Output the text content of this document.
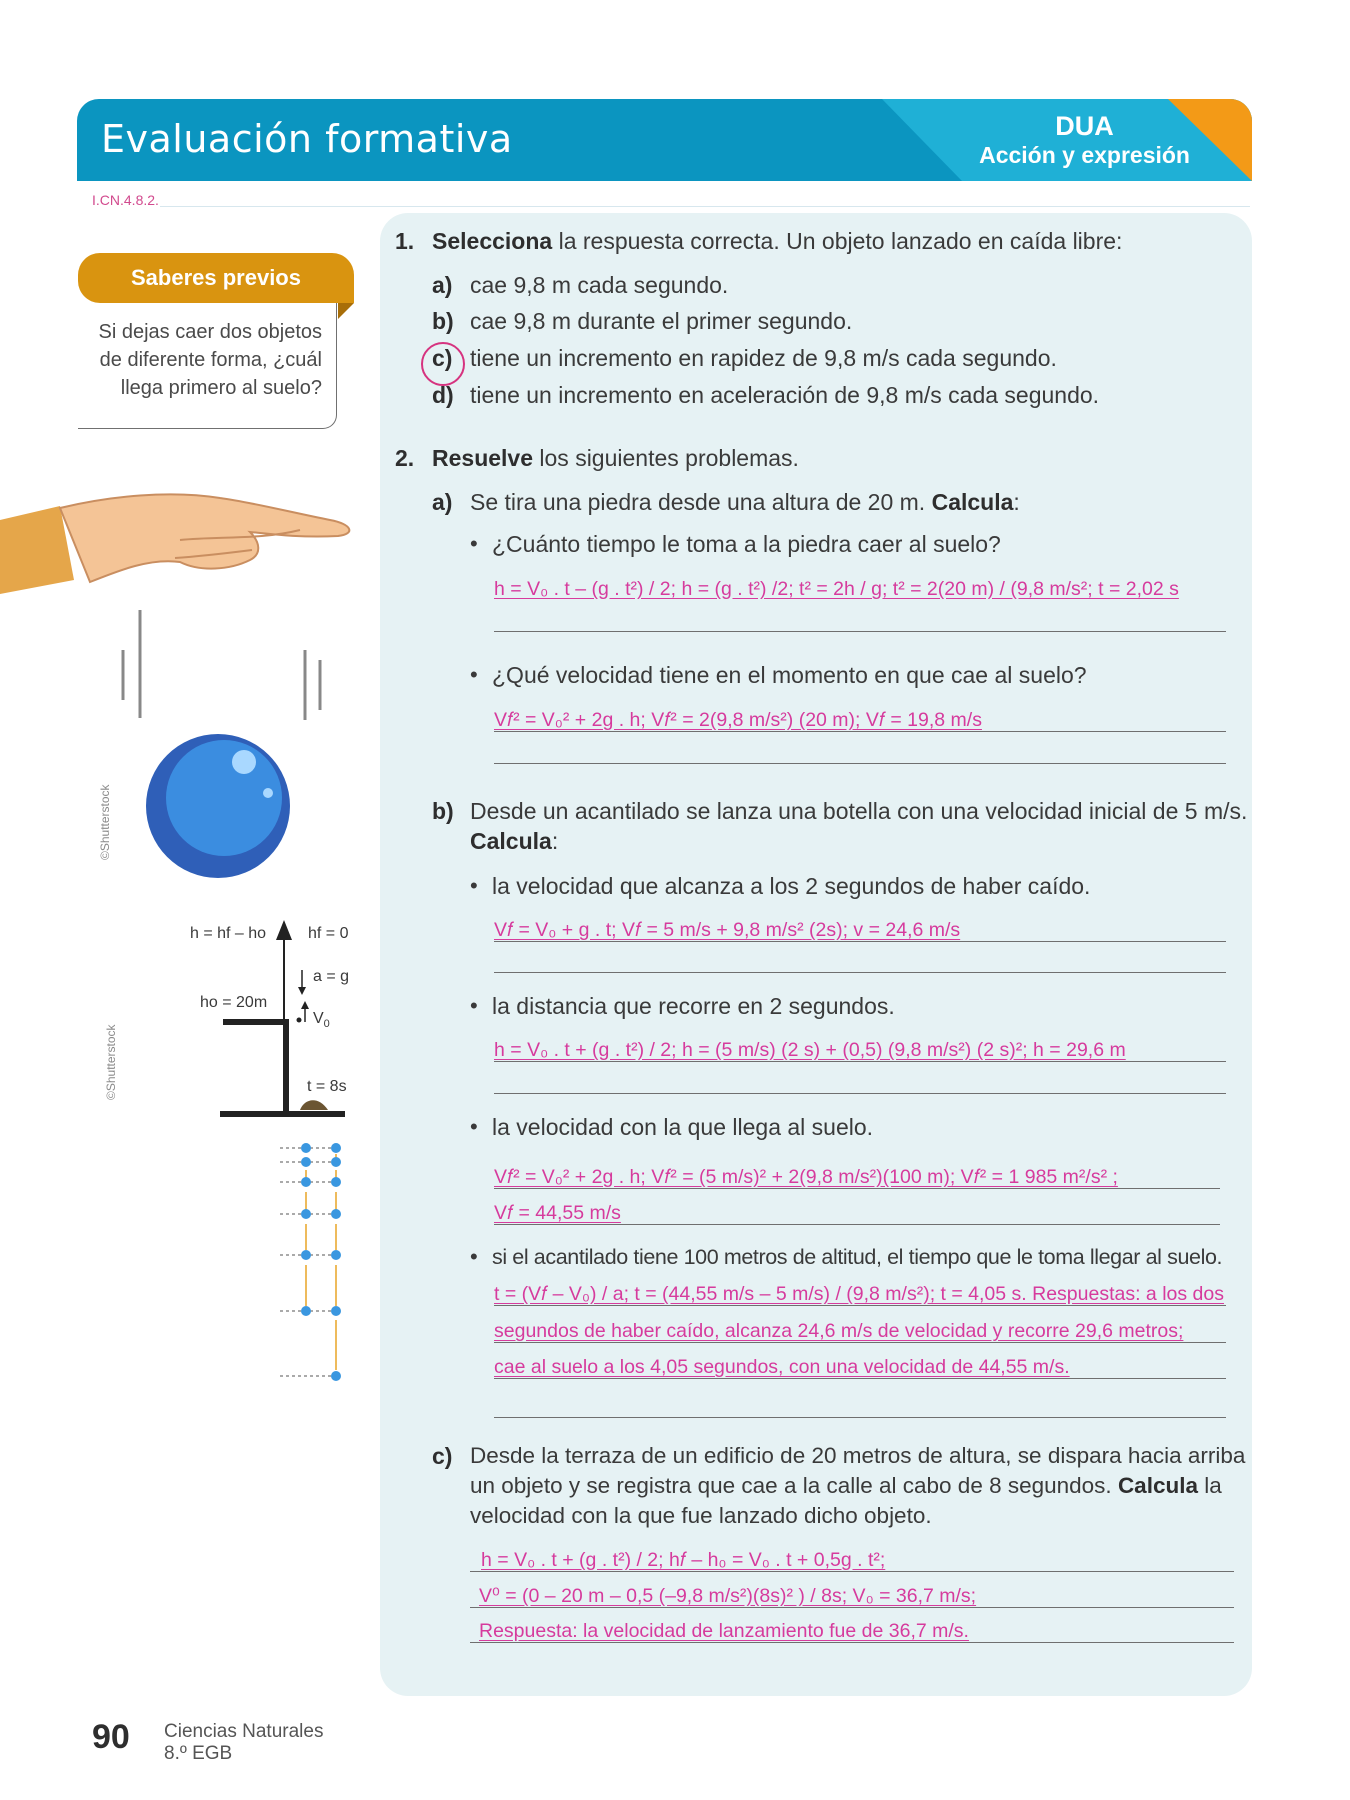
Evaluación formativa	DUA
Acción y expresión
I.CN.4.8.2.
Saberes previos
Si dejas caer dos objetos de diferente forma, ¿cuál llega primero al suelo?
©Shutterstock
h = hf – ho	hf = 0
a = g
ho = 20m
$V_0$
t = 8s
©Shutterstock
1. Selecciona la respuesta correcta. Un objeto lanzado en caída libre:
a) cae 9,8 m cada segundo.
b) cae 9,8 m durante el primer segundo.
c) tiene un incremento en rapidez de 9,8 m/s cada segundo.
d) tiene un incremento en aceleración de 9,8 m/s cada segundo.
2. Resuelve los siguientes problemas.
a) Se tira una piedra desde una altura de 20 m. Calcula:
• ¿Cuánto tiempo le toma a la piedra caer al suelo?
h = V₀ . t – (g . t²) / 2; h = (g . t²) /2; t² = 2h / g; t² = 2(20 m) / (9,8 m/s²; t = 2,02 s
• ¿Qué velocidad tiene en el momento en que cae al suelo?
V𝑓² = V₀² + 2g . h; V𝑓² = 2(9,8 m/s²) (20 m); V𝑓 = 19,8 m/s
b) Desde un acantilado se lanza una botella con una velocidad inicial de 5 m/s.
Calcula:
• la velocidad que alcanza a los 2 segundos de haber caído.
V𝑓 = V₀ + g . t; V𝑓 = 5 m/s + 9,8 m/s² (2s); v = 24,6 m/s
• la distancia que recorre en 2 segundos.
h = V₀ . t + (g . t²) / 2; h = (5 m/s) (2 s) + (0,5) (9,8 m/s²) (2 s)²; h = 29,6 m
• la velocidad con la que llega al suelo.
V𝑓² = V₀² + 2g . h; V𝑓² = (5 m/s)² + 2(9,8 m/s²)(100 m); V𝑓² = 1 985 m²/s² ;
V𝑓 = 44,55 m/s
• si el acantilado tiene 100 metros de altitud, el tiempo que le toma llegar al suelo.
t = (V𝑓 – V₀) / a; t = (44,55 m/s – 5 m/s) / (9,8 m/s²); t = 4,05 s. Respuestas: a los dos
segundos de haber caído, alcanza 24,6 m/s de velocidad y recorre 29,6 metros;
cae al suelo a los 4,05 segundos, con una velocidad de 44,55 m/s.
c) Desde la terraza de un edificio de 20 metros de altura, se dispara hacia arriba
un objeto y se registra que cae a la calle al cabo de 8 segundos. Calcula la
velocidad con la que fue lanzado dicho objeto.
h = V₀ . t + (g . t²) / 2; h𝑓 – h₀ = V₀ . t + 0,5g . t²;
V⁰ = (0 – 20 m – 0,5 (–9,8 m/s²)(8s)² ) / 8s; V₀ = 36,7 m/s;
Respuesta: la velocidad de lanzamiento fue de 36,7 m/s.
90 Ciencias Naturales
8.º EGB
